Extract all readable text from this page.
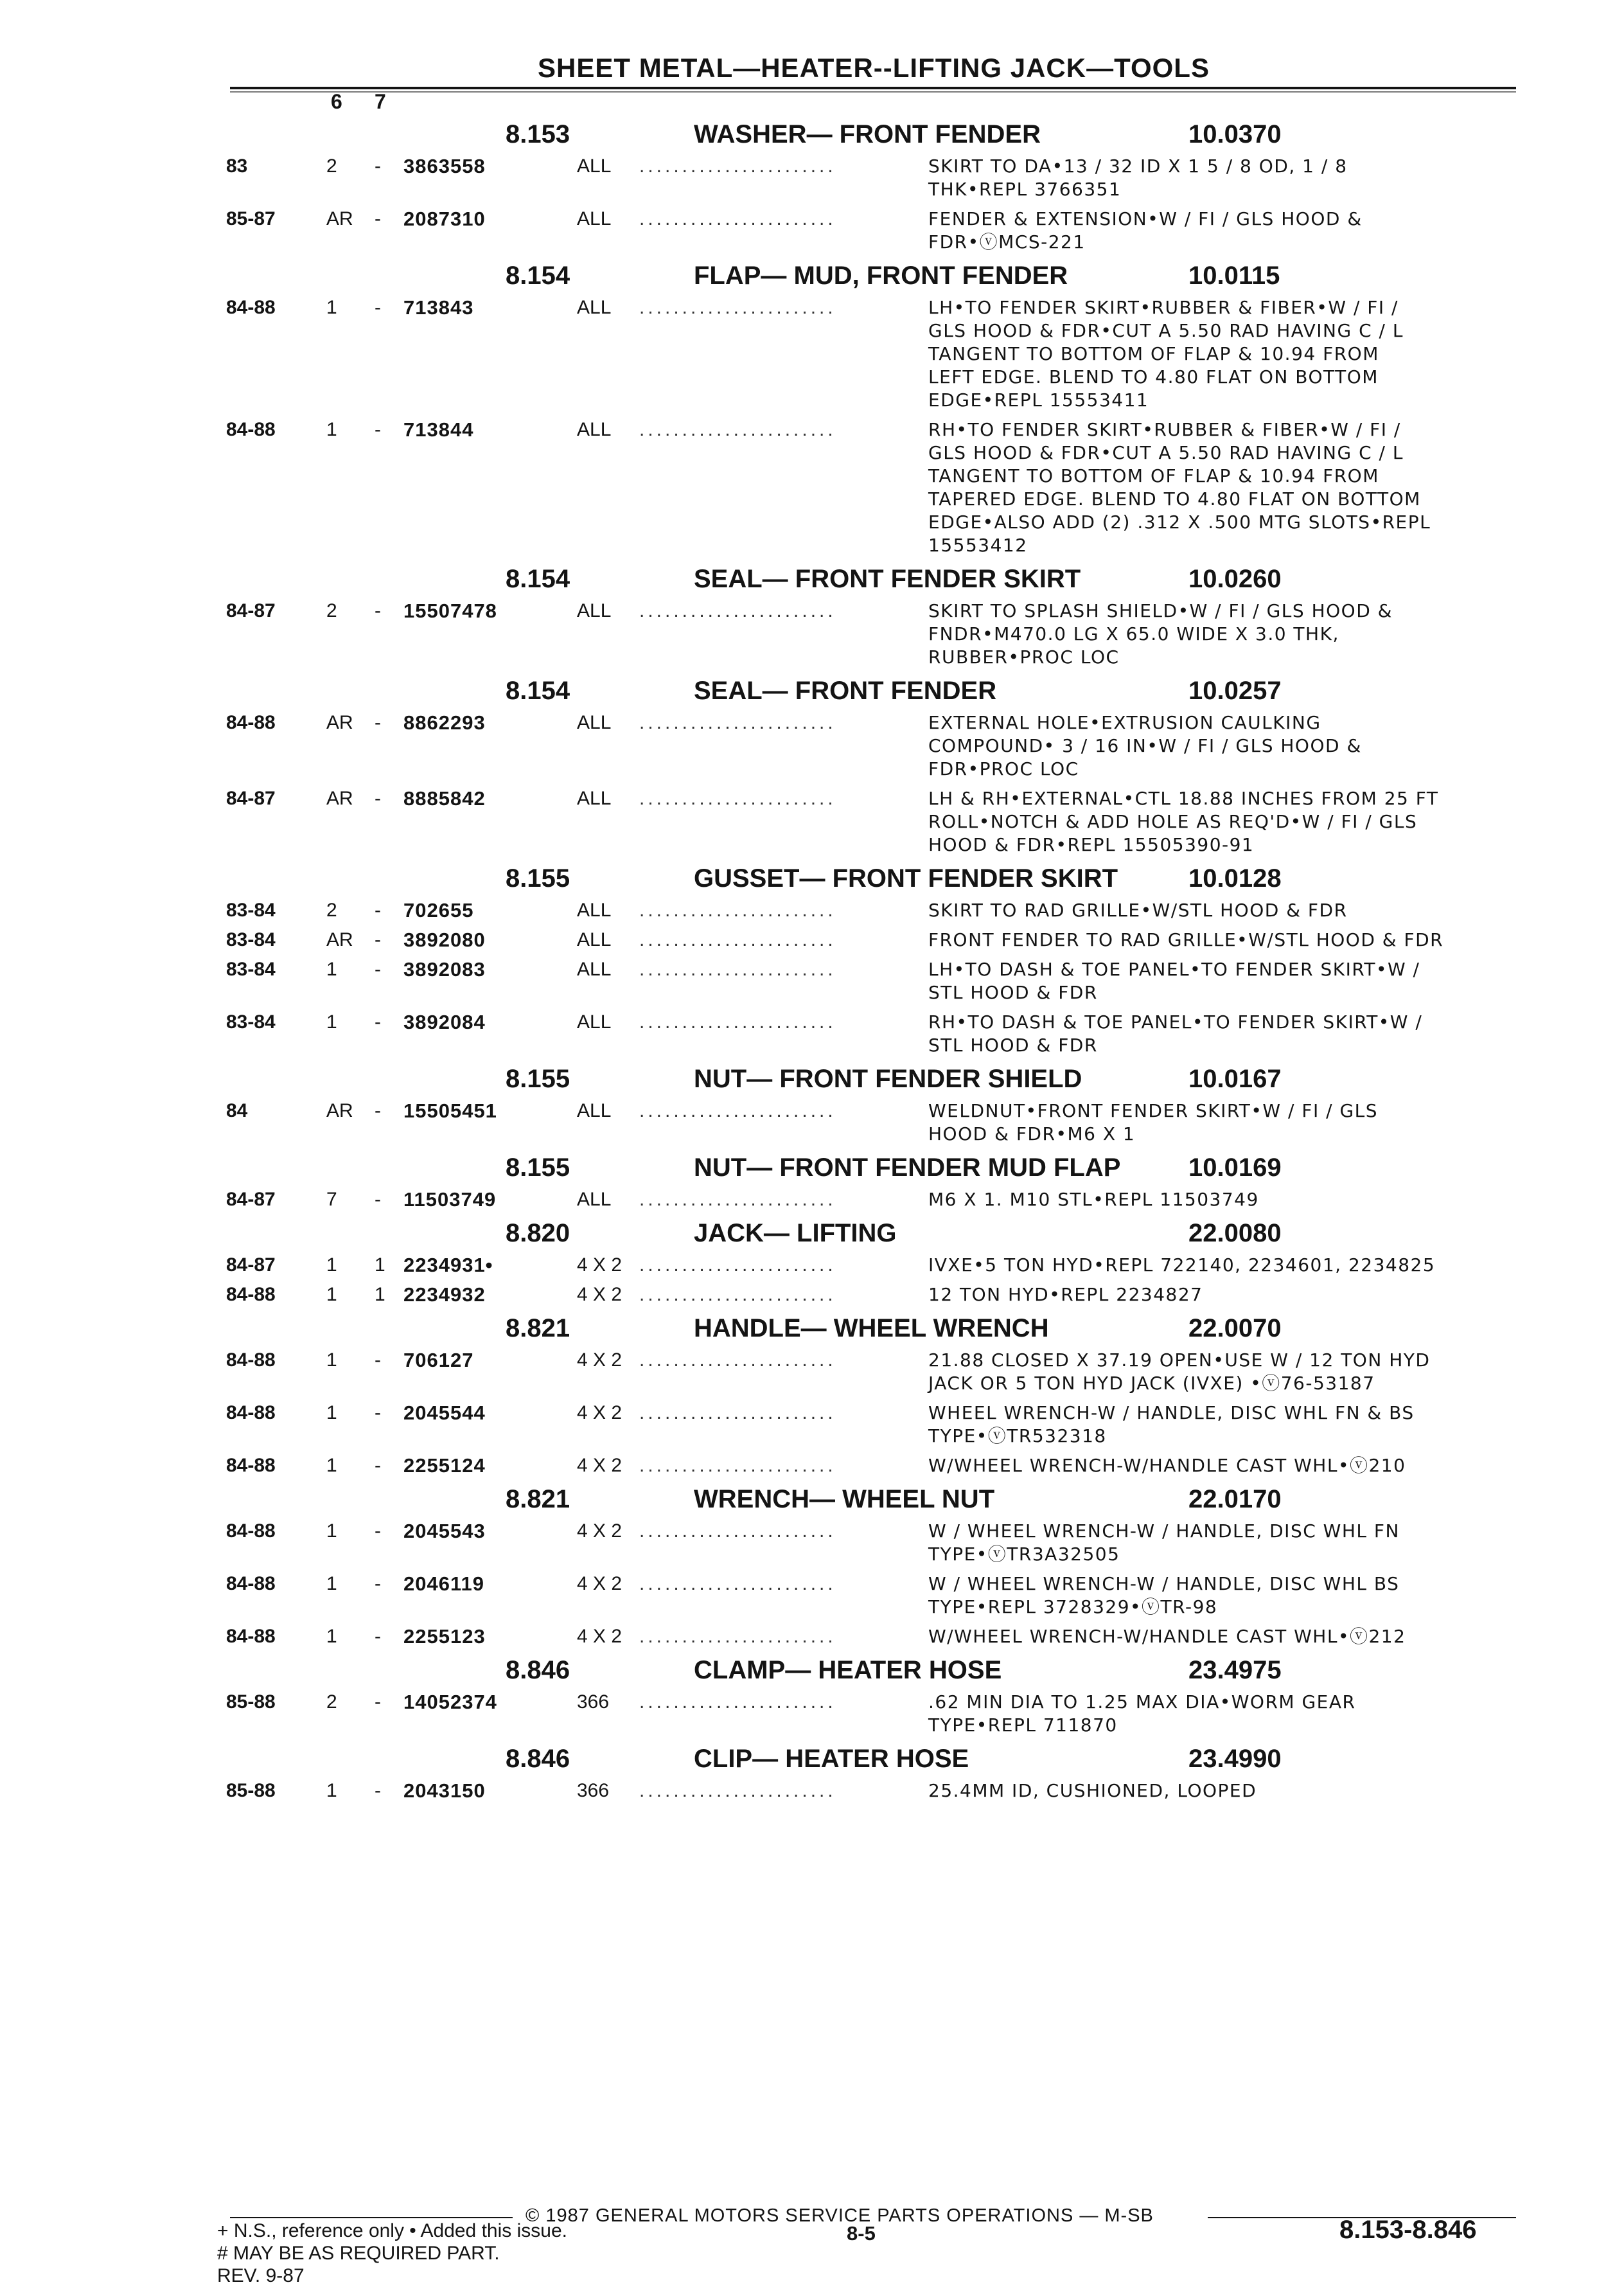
SHEET METAL—HEATER--LIFTING JACK—TOOLS
6 7
8.153	WASHER— FRONT FENDER	10.0370
83	2 - 3863558	ALL .......................	SKIRT TO DA•13 / 32 ID X 1 5 / 8 OD, 1 / 8
THK•REPL 3766351
85-87	AR - 2087310	ALL .......................	FENDER & EXTENSION•W / FI / GLS HOOD &
FDR•ⓥMCS-221
8.154	FLAP— MUD, FRONT FENDER	10.0115
84-88	1 - 713843	ALL .......................	LH•TO FENDER SKIRT•RUBBER & FIBER•W / FI /
GLS HOOD & FDR•CUT A 5.50 RAD HAVING C / L
TANGENT TO BOTTOM OF FLAP & 10.94 FROM
LEFT EDGE. BLEND TO 4.80 FLAT ON BOTTOM
EDGE•REPL 15553411
84-88	1 - 713844	ALL .......................	RH•TO FENDER SKIRT•RUBBER & FIBER•W / FI /
GLS HOOD & FDR•CUT A 5.50 RAD HAVING C / L
TANGENT TO BOTTOM OF FLAP & 10.94 FROM
TAPERED EDGE. BLEND TO 4.80 FLAT ON BOTTOM
EDGE•ALSO ADD (2) .312 X .500 MTG SLOTS•REPL
15553412
8.154	SEAL— FRONT FENDER SKIRT	10.0260
84-87	2 - 15507478	ALL .......................	SKIRT TO SPLASH SHIELD•W / FI / GLS HOOD &
FNDR•M470.0 LG X 65.0 WIDE X 3.0 THK,
RUBBER•PROC LOC
8.154	SEAL— FRONT FENDER	10.0257
84-88	AR - 8862293	ALL .......................	EXTERNAL HOLE•EXTRUSION CAULKING
COMPOUND• 3 / 16 IN•W / FI / GLS HOOD &
FDR•PROC LOC
84-87	AR - 8885842	ALL .......................	LH & RH•EXTERNAL•CTL 18.88 INCHES FROM 25 FT
ROLL•NOTCH & ADD HOLE AS REQ'D•W / FI / GLS
HOOD & FDR•REPL 15505390-91
8.155	GUSSET— FRONT FENDER SKIRT	10.0128
83-84	2 - 702655	ALL .......................	SKIRT TO RAD GRILLE•W/STL HOOD & FDR
83-84	AR - 3892080	ALL .......................	FRONT FENDER TO RAD GRILLE•W/STL HOOD & FDR
83-84	1 - 3892083	ALL .......................	LH•TO DASH & TOE PANEL•TO FENDER SKIRT•W /
STL HOOD & FDR
83-84	1 - 3892084	ALL .......................	RH•TO DASH & TOE PANEL•TO FENDER SKIRT•W /
STL HOOD & FDR
8.155	NUT— FRONT FENDER SHIELD	10.0167
84	AR - 15505451	ALL .......................	WELDNUT•FRONT FENDER SKIRT•W / FI / GLS
HOOD & FDR•M6 X 1
8.155	NUT— FRONT FENDER MUD FLAP	10.0169
84-87	7 - 11503749	ALL .......................	M6 X 1. M10 STL•REPL 11503749
8.820	JACK— LIFTING	22.0080
84-87	1 1 2234931•	4 X 2 .......................	IVXE•5 TON HYD•REPL 722140, 2234601, 2234825
84-88	1 1 2234932	4 X 2 .......................	12 TON HYD•REPL 2234827
8.821	HANDLE— WHEEL WRENCH	22.0070
84-88	1 - 706127	4 X 2 .......................	21.88 CLOSED X 37.19 OPEN•USE W / 12 TON HYD
JACK OR 5 TON HYD JACK (IVXE) •ⓥ76-53187
84-88	1 - 2045544	4 X 2 .......................	WHEEL WRENCH-W / HANDLE, DISC WHL FN & BS
TYPE•ⓥTR532318
84-88	1 - 2255124	4 X 2 .......................	W/WHEEL WRENCH-W/HANDLE CAST WHL•ⓥ210
8.821	WRENCH— WHEEL NUT	22.0170
84-88	1 - 2045543	4 X 2 .......................	W / WHEEL WRENCH-W / HANDLE, DISC WHL FN
TYPE•ⓥTR3A32505
84-88	1 - 2046119	4 X 2 .......................	W / WHEEL WRENCH-W / HANDLE, DISC WHL BS
TYPE•REPL 3728329•ⓥTR-98
84-88	1 - 2255123	4 X 2 .......................	W/WHEEL WRENCH-W/HANDLE CAST WHL•ⓥ212
8.846	CLAMP— HEATER HOSE	23.4975
85-88	2 - 14052374	366 .......................	.62 MIN DIA TO 1.25 MAX DIA•WORM GEAR
TYPE•REPL 711870
8.846	CLIP— HEATER HOSE	23.4990
85-88	1 - 2043150	366 .......................	25.4MM ID, CUSHIONED, LOOPED
© 1987 GENERAL MOTORS SERVICE PARTS OPERATIONS — M-SB
+ N.S., reference only • Added this issue.
# MAY BE AS REQUIRED PART.
REV. 9-87
8-5	8.153-8.846
